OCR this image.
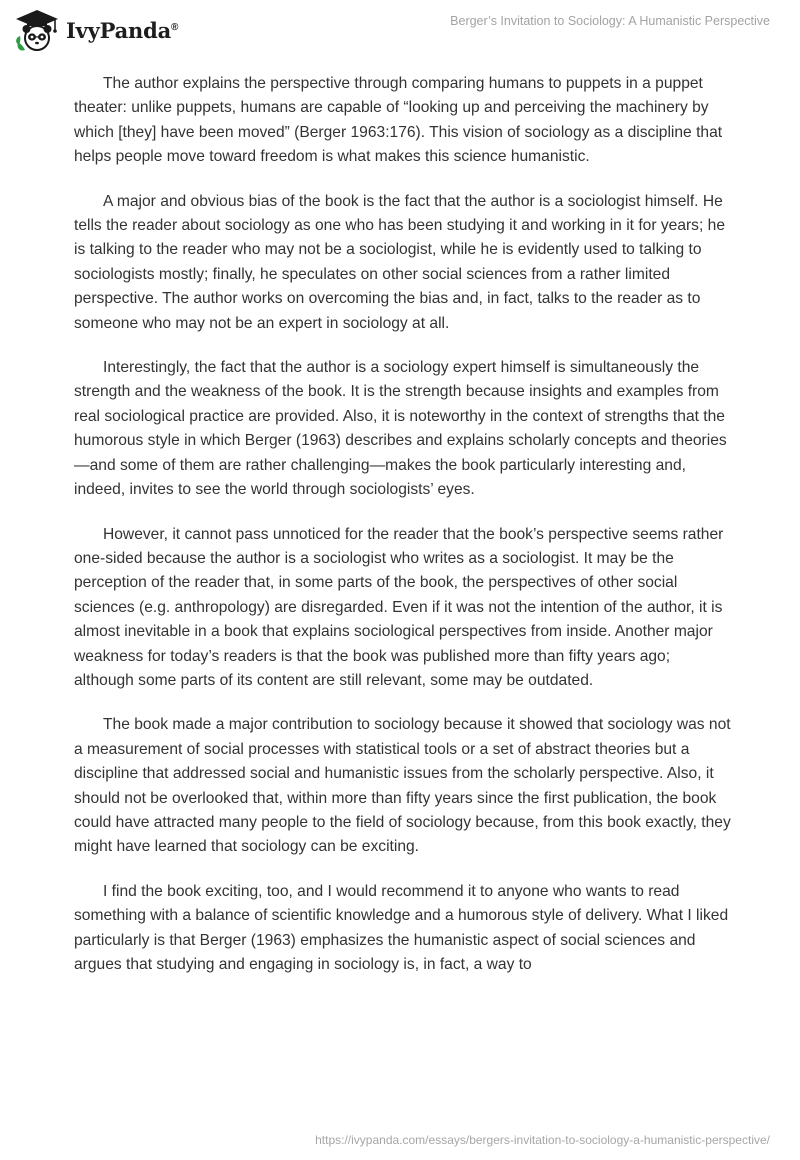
IvyPanda®	Berger’s Invitation to Sociology: A Humanistic Perspective

The author explains the perspective through comparing humans to puppets in a puppet theater: unlike puppets, humans are capable of “looking up and perceiving the machinery by which [they] have been moved” (Berger 1963:176). This vision of sociology as a discipline that helps people move toward freedom is what makes this science humanistic.

A major and obvious bias of the book is the fact that the author is a sociologist himself. He tells the reader about sociology as one who has been studying it and working in it for years; he is talking to the reader who may not be a sociologist, while he is evidently used to talking to sociologists mostly; finally, he speculates on other social sciences from a rather limited perspective. The author works on overcoming the bias and, in fact, talks to the reader as to someone who may not be an expert in sociology at all.

Interestingly, the fact that the author is a sociology expert himself is simultaneously the strength and the weakness of the book. It is the strength because insights and examples from real sociological practice are provided. Also, it is noteworthy in the context of strengths that the humorous style in which Berger (1963) describes and explains scholarly concepts and theories—and some of them are rather challenging—makes the book particularly interesting and, indeed, invites to see the world through sociologists’ eyes.

However, it cannot pass unnoticed for the reader that the book’s perspective seems rather one-sided because the author is a sociologist who writes as a sociologist. It may be the perception of the reader that, in some parts of the book, the perspectives of other social sciences (e.g. anthropology) are disregarded. Even if it was not the intention of the author, it is almost inevitable in a book that explains sociological perspectives from inside. Another major weakness for today’s readers is that the book was published more than fifty years ago; although some parts of its content are still relevant, some may be outdated.

The book made a major contribution to sociology because it showed that sociology was not a measurement of social processes with statistical tools or a set of abstract theories but a discipline that addressed social and humanistic issues from the scholarly perspective. Also, it should not be overlooked that, within more than fifty years since the first publication, the book could have attracted many people to the field of sociology because, from this book exactly, they might have learned that sociology can be exciting.

I find the book exciting, too, and I would recommend it to anyone who wants to read something with a balance of scientific knowledge and a humorous style of delivery. What I liked particularly is that Berger (1963) emphasizes the humanistic aspect of social sciences and argues that studying and engaging in sociology is, in fact, a way to

https://ivypanda.com/essays/bergers-invitation-to-sociology-a-humanistic-perspective/
